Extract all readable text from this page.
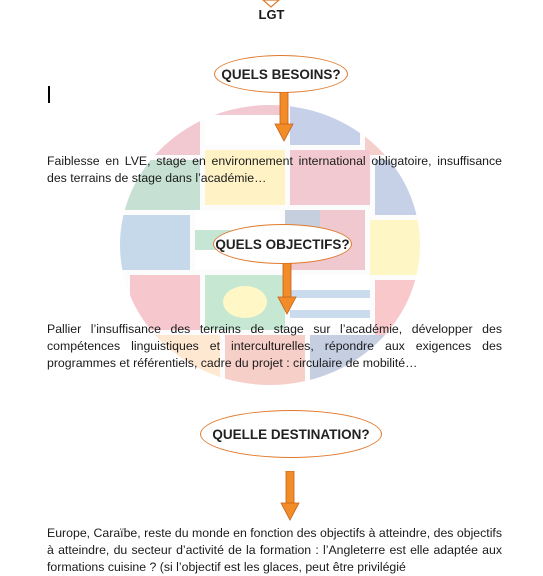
LGT
QUELS BESOINS?
Faiblesse en LVE, stage en environnement international obligatoire, insuffisance des terrains de stage dans l’académie…
QUELS OBJECTIFS?
Pallier l’insuffisance des terrains de stage sur l’académie, développer des compétences linguistiques et interculturelles, répondre aux exigences des programmes et référentiels, cadre du projet : circulaire de mobilité…
QUELLE DESTINATION?
Europe, Caraïbe, reste du monde en fonction des objectifs à atteindre, des objectifs à atteindre, du secteur d’activité de la formation : l’Angleterre est elle adaptée aux formations cuisine ? (si l’objectif est les glaces, peut être privilégié
